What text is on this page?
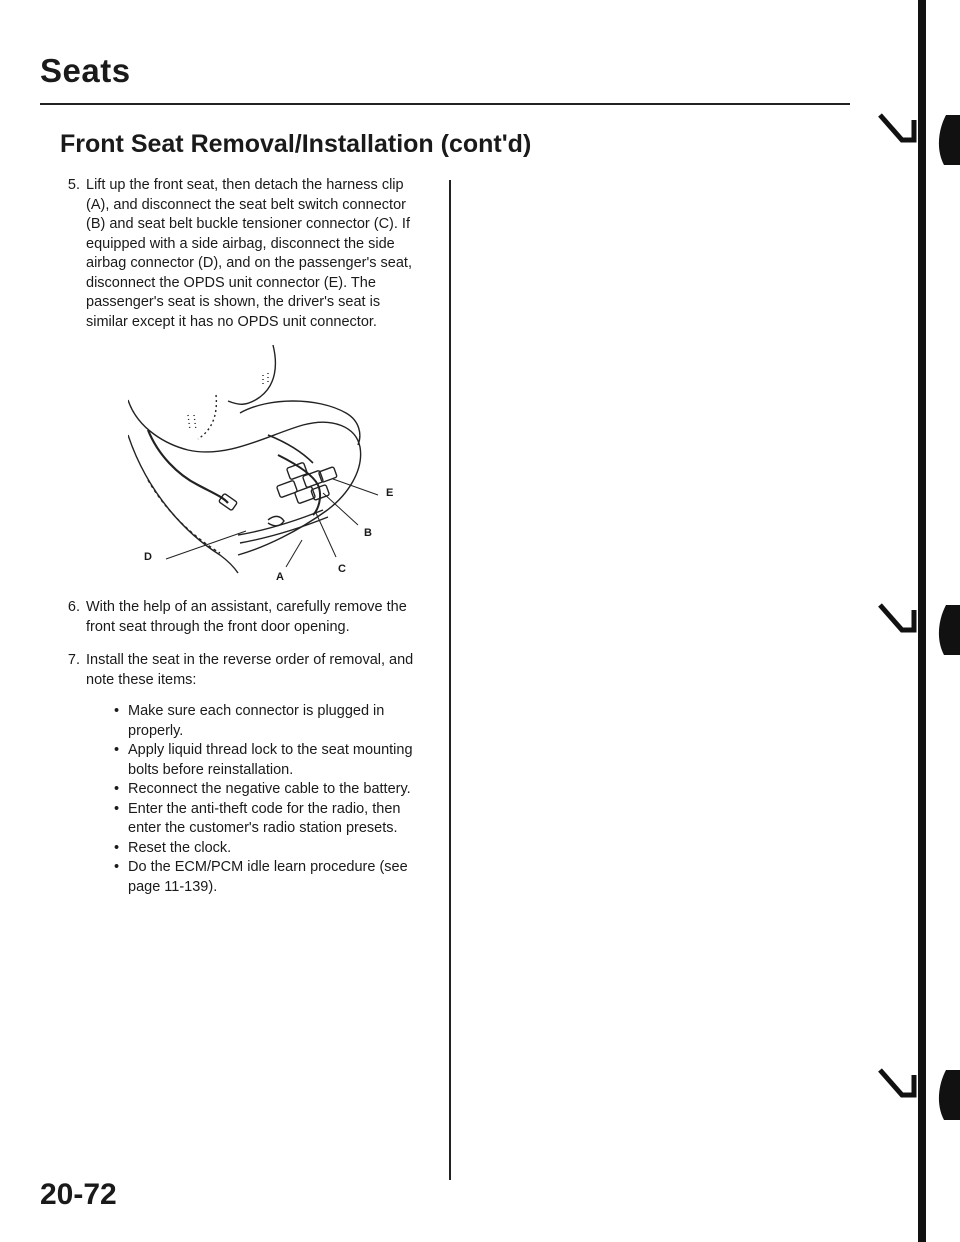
Seats
Front Seat Removal/Installation (cont'd)
5. Lift up the front seat, then detach the harness clip (A), and disconnect the seat belt switch connector (B) and seat belt buckle tensioner connector (C). If equipped with a side airbag, disconnect the side airbag connector (D), and on the passenger's seat, disconnect the OPDS unit connector (E). The passenger's seat is shown, the driver's seat is similar except it has no OPDS unit connector.
E
B
C
A
D
6. With the help of an assistant, carefully remove the front seat through the front door opening.
7. Install the seat in the reverse order of removal, and note these items:
• Make sure each connector is plugged in properly.
• Apply liquid thread lock to the seat mounting bolts before reinstallation.
• Reconnect the negative cable to the battery.
• Enter the anti-theft code for the radio, then enter the customer's radio station presets.
• Reset the clock.
• Do the ECM/PCM idle learn procedure (see page 11-139).
20-72
